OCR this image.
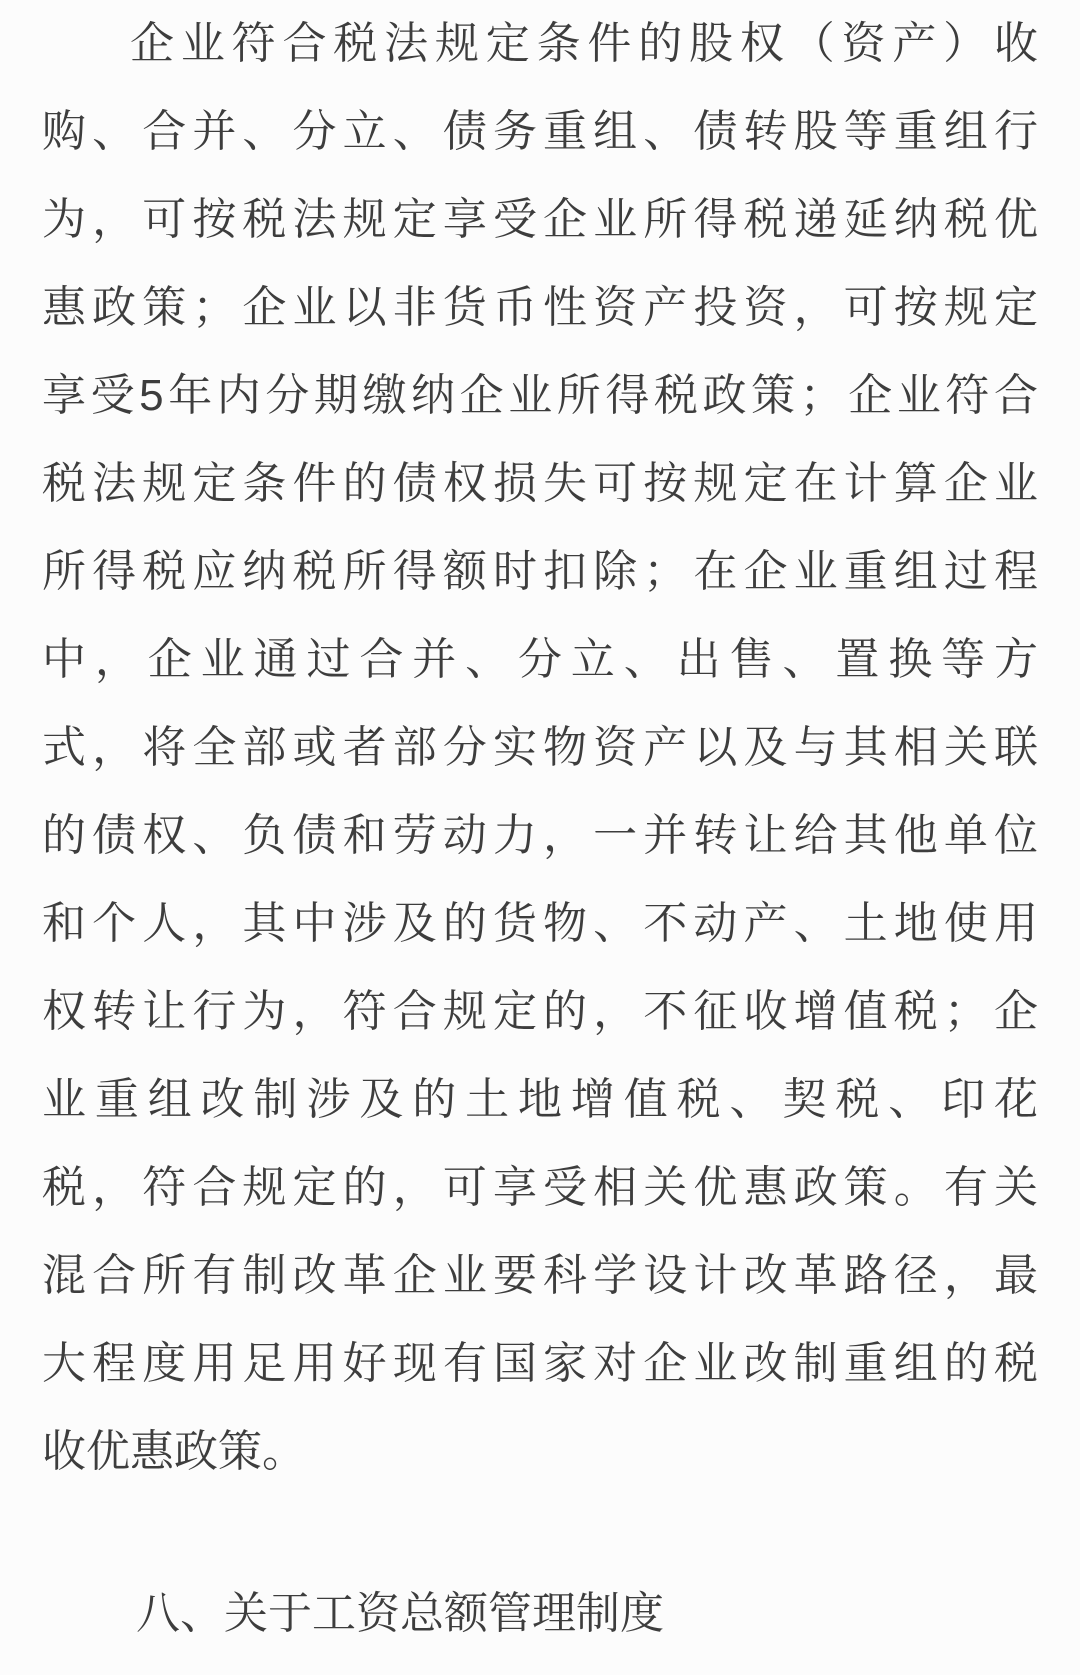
企业符合税法规定条件的股权（资产）收
购、合并、分立、债务重组、债转股等重组行
为，可按税法规定享受企业所得税递延纳税优
惠政策；企业以非货币性资产投资，可按规定
享受5年内分期缴纳企业所得税政策；企业符合
税法规定条件的债权损失可按规定在计算企业
所得税应纳税所得额时扣除；在企业重组过程
中，企业通过合并、分立、出售、置换等方
式，将全部或者部分实物资产以及与其相关联
的债权、负债和劳动力，一并转让给其他单位
和个人，其中涉及的货物、不动产、土地使用
权转让行为，符合规定的，不征收增值税；企
业重组改制涉及的土地增值税、契税、印花
税，符合规定的，可享受相关优惠政策。有关
混合所有制改革企业要科学设计改革路径，最
大程度用足用好现有国家对企业改制重组的税
收优惠政策。
八、关于工资总额管理制度
